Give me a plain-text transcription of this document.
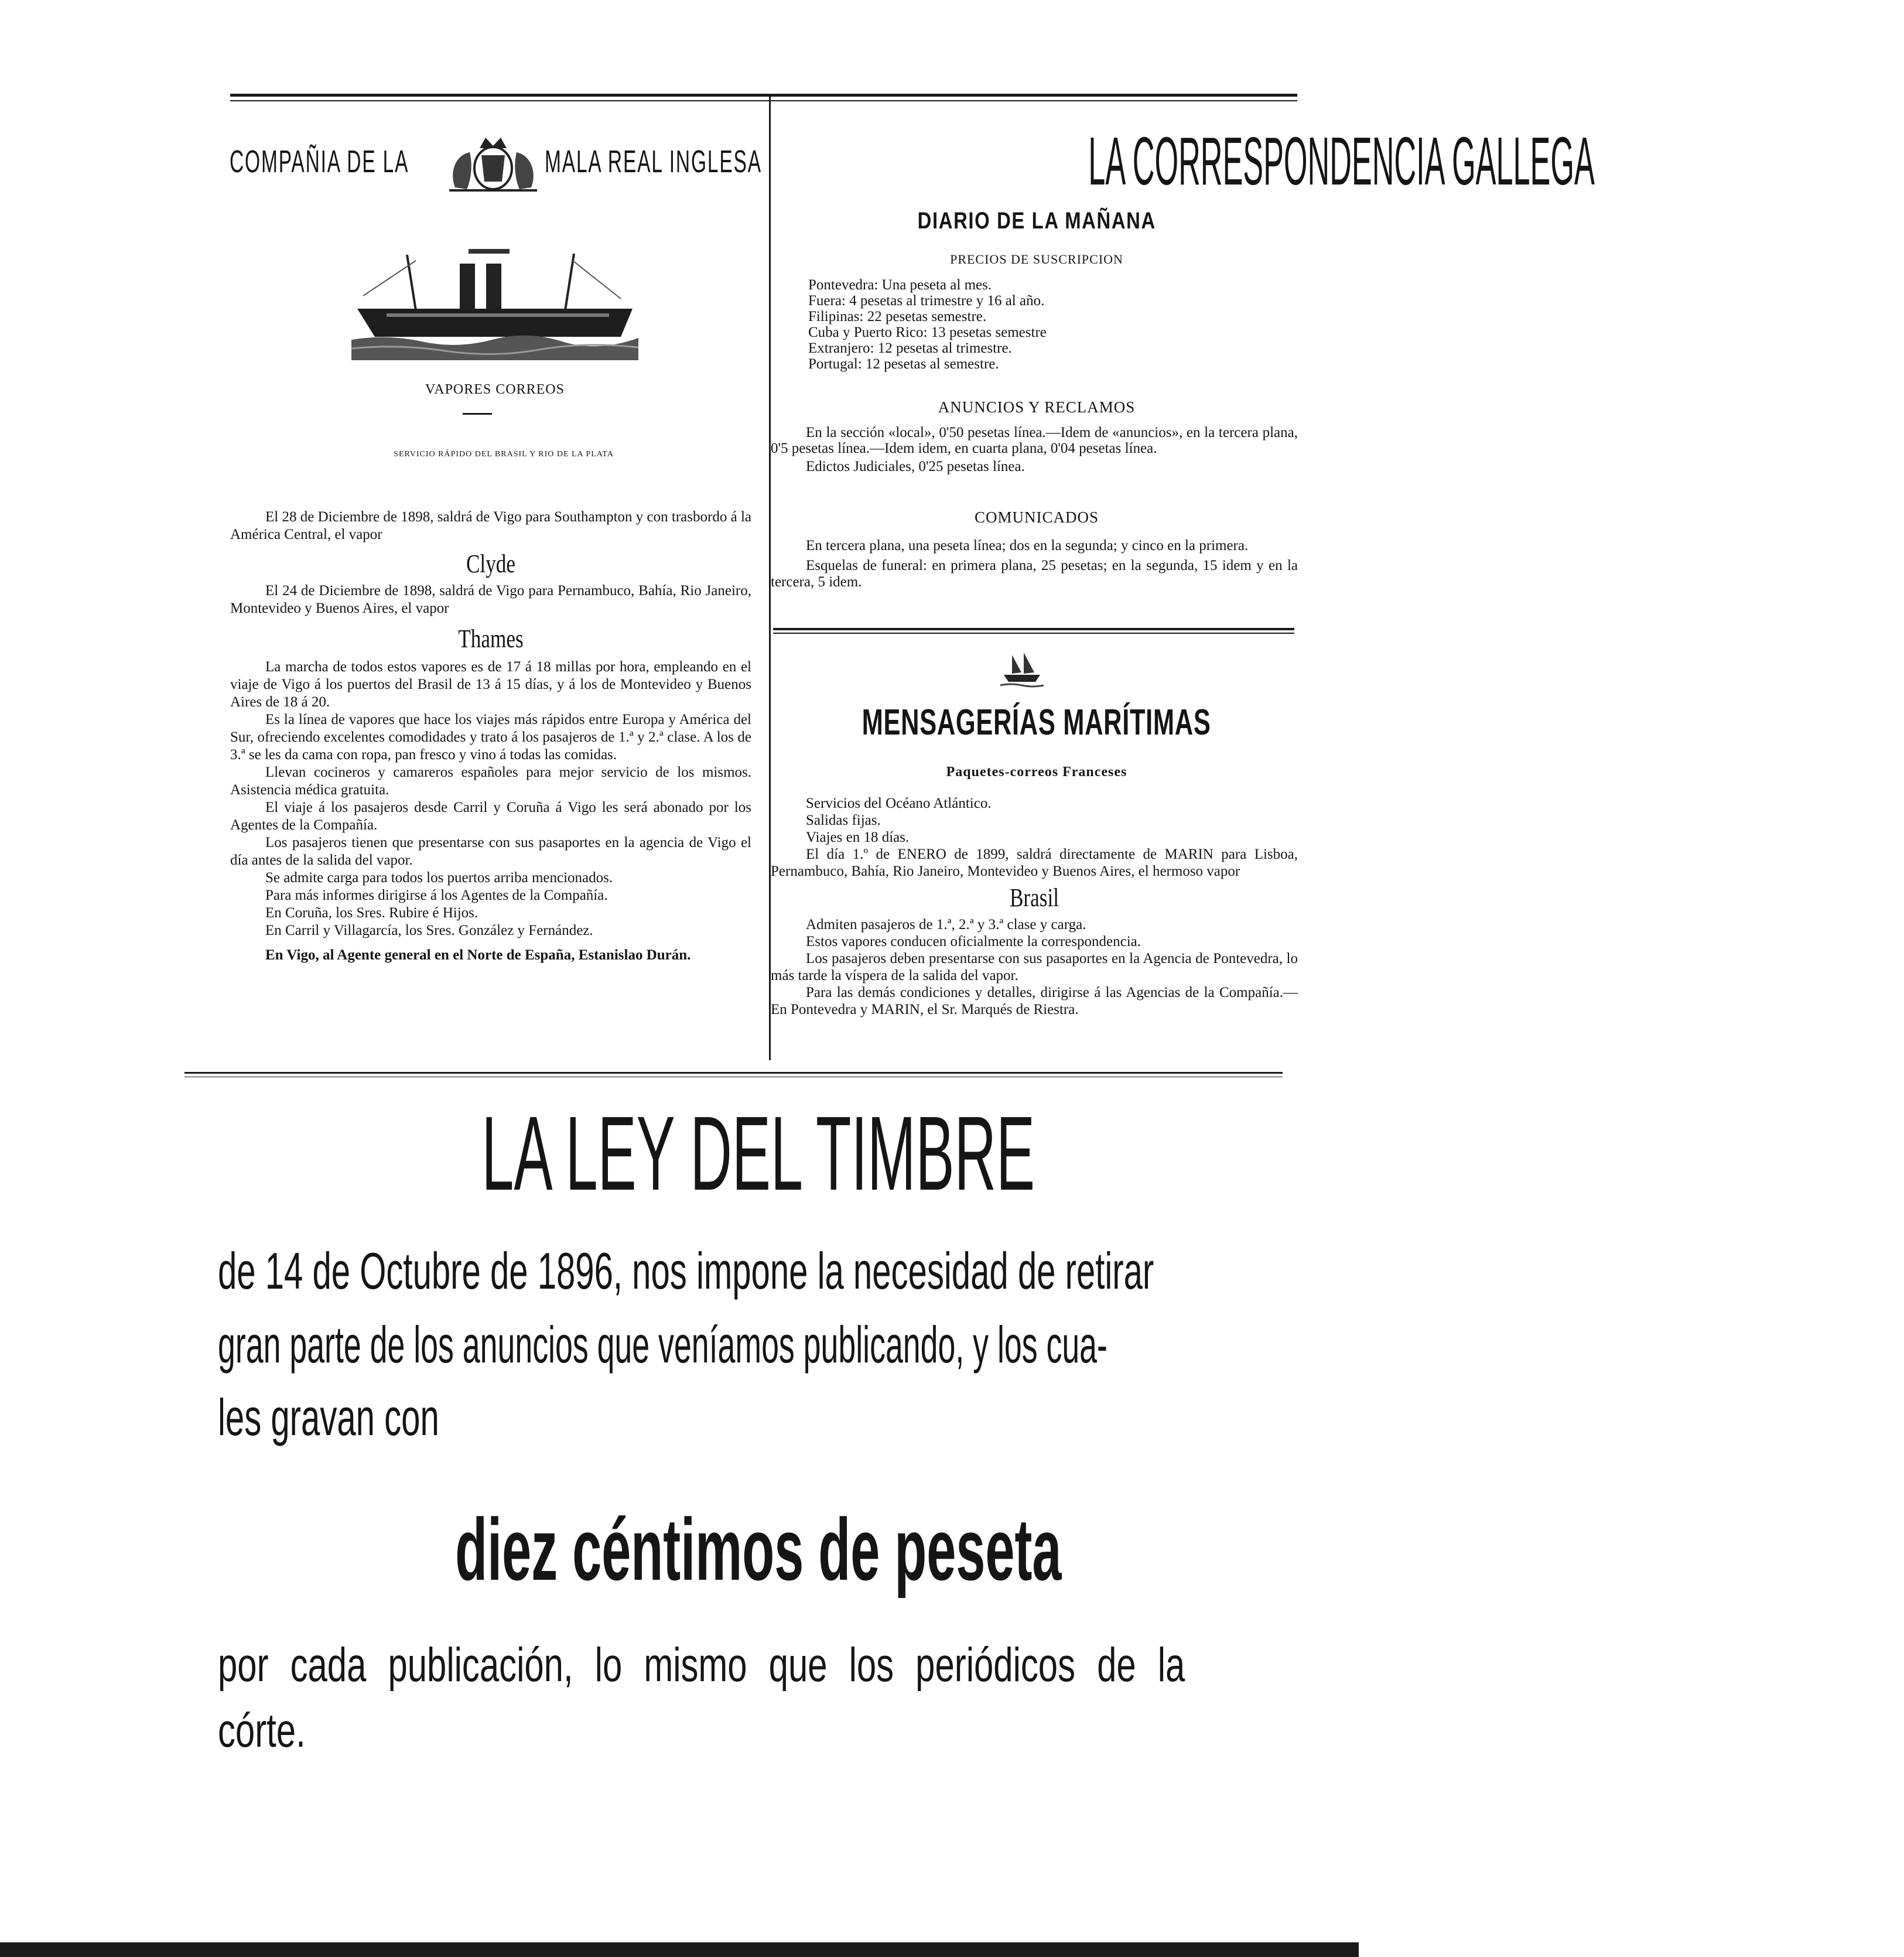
COMPAÑIA DE LA	MALA REAL INGLESA
VAPORES CORREOS
SERVICIO RÁPIDO DEL BRASIL Y RIO DE LA PLATA

El 28 de Diciembre de 1898, saldrá de Vigo para Southampton y con trasbordo á la América Central, el vapor

Clyde

El 24 de Diciembre de 1898, saldrá de Vigo para Pernambuco, Bahía, Rio Janeiro, Montevideo y Buenos Aires, el vapor

Thames

La marcha de todos estos vapores es de 17 á 18 millas por hora, empleando en el viaje de Vigo á los puertos del Brasil de 13 á 15 días, y á los de Montevideo y Buenos Aires de 18 á 20.

Es la línea de vapores que hace los viajes más rápidos entre Europa y América del Sur, ofreciendo excelentes comodidades y trato á los pasajeros de 1.ª y 2.ª clase. A los de 3.ª se les da cama con ropa, pan fresco y vino á todas las comidas.

Llevan cocineros y camareros españoles para mejor servicio de los mismos. Asistencia médica gratuita.

El viaje á los pasajeros desde Carril y Coruña á Vigo les será abonado por los Agentes de la Compañía.

Los pasajeros tienen que presentarse con sus pasaportes en la agencia de Vigo el día antes de la salida del vapor.

Se admite carga para todos los puertos arriba mencionados.

Para más informes dirigirse á los Agentes de la Compañía.

En Coruña, los Sres. Rubire é Hijos.

En Carril y Villagarcía, los Sres. González y Fernández.

En Vigo, al Agente general en el Norte de España, Estanislao Durán.

LA CORRESPONDENCIA GALLEGA
DIARIO DE LA MAÑANA
PRECIOS DE SUSCRIPCION
Pontevedra: Una peseta al mes.
Fuera: 4 pesetas al trimestre y 16 al año.
Filipinas: 22 pesetas semestre.
Cuba y Puerto Rico: 13 pesetas semestre
Extranjero: 12 pesetas al trimestre.
Portugal: 12 pesetas al semestre.
ANUNCIOS Y RECLAMOS

En la sección «local», 0'50 pesetas línea.—Idem de «anuncios», en la tercera plana, 0'5 pesetas línea.—Idem idem, en cuarta plana, 0'04 pesetas línea.

Edictos Judiciales, 0'25 pesetas línea.

COMUNICADOS

En tercera plana, una peseta línea; dos en la segunda; y cinco en la primera.

Esquelas de funeral: en primera plana, 25 pesetas; en la segunda, 15 idem y en la tercera, 5 idem.

MENSAGERÍAS MARÍTIMAS
Paquetes-correos Franceses

Servicios del Océano Atlántico.

Salidas fijas.

Viajes en 18 días.

El día 1.º de ENERO de 1899, saldrá directamente de MARIN para Lisboa, Pernambuco, Bahía, Rio Janeiro, Montevideo y Buenos Aires, el hermoso vapor

Brasil

Admiten pasajeros de 1.ª, 2.ª y 3.ª clase y carga.

Estos vapores conducen oficialmente la correspondencia.

Los pasajeros deben presentarse con sus pasaportes en la Agencia de Pontevedra, lo más tarde la víspera de la salida del vapor.

Para las demás condiciones y detalles, dirigirse á las Agencias de la Compañía.—En Pontevedra y MARIN, el Sr. Marqués de Riestra.

LA LEY DEL TIMBRE
de 14 de Octubre de 1896, nos impone la necesidad de retirar
gran parte de los anuncios que veníamos publicando, y los cua-
les gravan con
diez céntimos de peseta
por cada publicación, lo mismo que los periódicos de la
córte.
